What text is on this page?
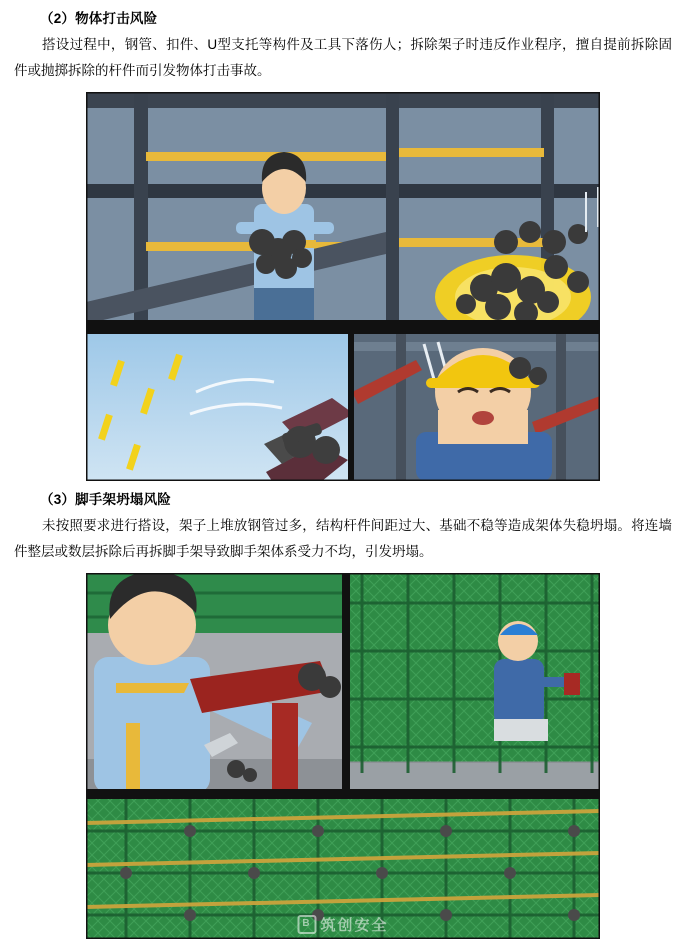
（2）物体打击风险

搭设过程中，钢管、扣件、U型支托等构件及工具下落伤人；拆除架子时违反作业程序，擅自提前拆除固件或抛掷拆除的杆件而引发物体打击事故。

（3）脚手架坍塌风险

未按照要求进行搭设，架子上堆放钢管过多，结构杆件间距过大、基础不稳等造成架体失稳坍塌。将连墙件整层或数层拆除后再拆脚手架导致脚手架体系受力不均，引发坍塌。

B 筑创安全
